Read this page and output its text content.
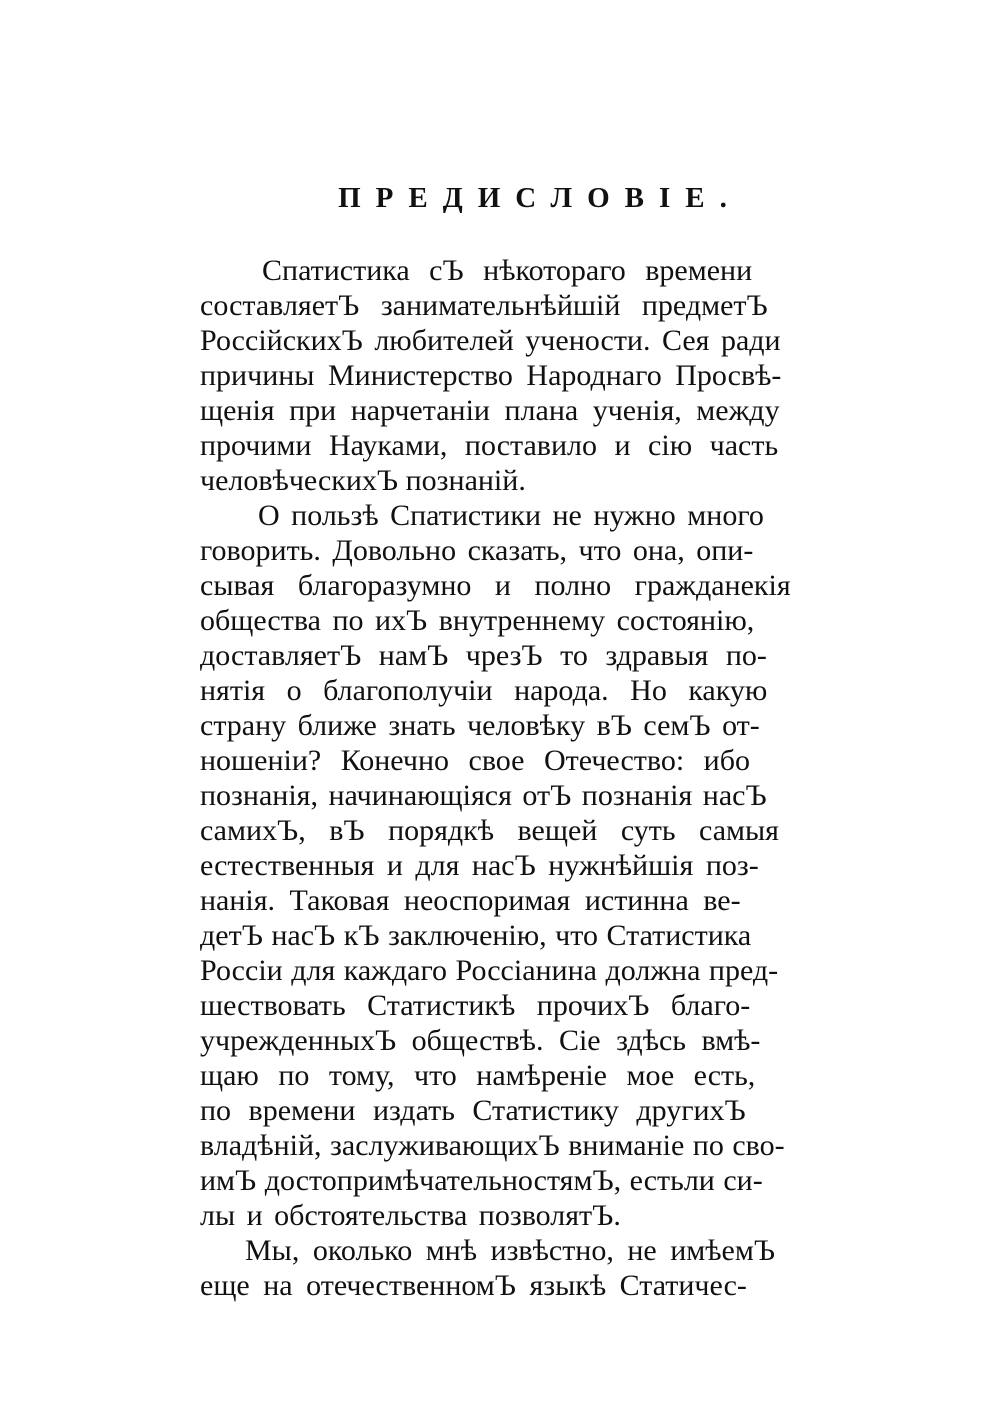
ПРЕДИСЛОВІЕ.
Спатистика сЪ нѣкотораго времени
составляетЪ занимательнѣйшій предметЪ
РоссійскихЪ любителей учености. Сея ради
причины Министерство Народнаго Просвѣ-
щенія при нарчетаніи плана ученія, между
прочими Науками, поставило и сію часть
человѣческихЪ познаній.
О пользѣ Спатистики не нужно много
говорить. Довольно сказать, что она, опи-
сывая благоразумно и полно гражданекія
общества по ихЪ внутреннему состоянію,
доставляетЪ намЪ чрезЪ то здравыя по-
нятія о благополучіи народа. Но какую
страну ближе знать человѣку вЪ семЪ от-
ношеніи? Конечно свое Отечество: ибо
познанія, начинающіяся отЪ познанія насЪ
самихЪ, вЪ порядкѣ вещей суть самыя
естественныя и для насЪ нужнѣйшія поз-
нанія. Таковая неоспоримая истинна ве-
детЪ насЪ кЪ заключенію, что Статистика
Россіи для каждаго Россіанина должна пред-
шествовать Статистикѣ прочихЪ благо-
учрежденныхЪ обществѣ. Сіе здѣсь вмѣ-
щаю по тому, что намѣреніе мое есть,
по времени издать Статистику другихЪ
владѣній, заслуживающихЪ вниманіе по сво-
имЪ достопримѣчательностямЪ, естьли си-
лы и обстоятельства позволятЪ.
Мы, околько мнѣ извѣстно, не имѣемЪ
еще на отечественномЪ языкѣ Статичес-
